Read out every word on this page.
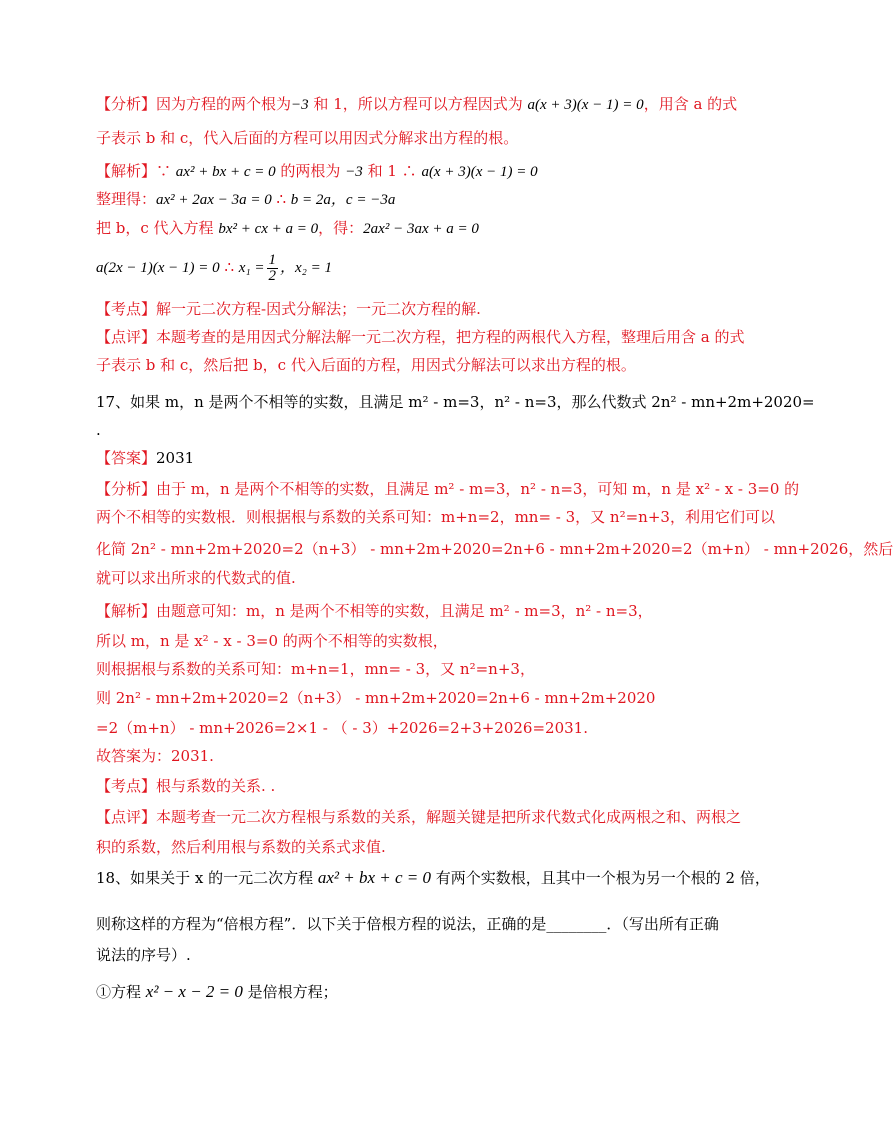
【分析】因为方程的两个根为−3 和 1，所以方程可以方程因式为 a(x + 3)(x − 1) = 0，用含 a 的式
子表示 b 和 c，代入后面的方程可以用因式分解求出方程的根。
【解析】∵ ax² + bx + c = 0 的两根为 −3 和 1 ∴ a(x + 3)(x − 1) = 0
整理得：ax² + 2ax − 3a = 0 ∴ b = 2a，c = −3a
把 b，c 代入方程 bx² + cx + a = 0，得：2ax² − 3ax + a = 0
a(2x − 1)(x − 1) = 0 ∴ $x_1 = \frac{1}{2}$ ，x₂ = 1
【考点】解一元二次方程-因式分解法；一元二次方程的解.
【点评】本题考查的是用因式分解法解一元二次方程，把方程的两根代入方程，整理后用含 a 的式
子表示 b 和 c，然后把 b，c 代入后面的方程，用因式分解法可以求出方程的根。
17、如果 m，n 是两个不相等的实数，且满足 m² - m=3，n² - n=3，那么代数式 2n² - mn+2m+2020=
.
【答案】2031
【分析】由于 m，n 是两个不相等的实数，且满足 m² - m=3，n² - n=3，可知 m，n 是 x² - x - 3=0 的
两个不相等的实数根．则根据根与系数的关系可知：m+n=2，mn= - 3，又 n²=n+3，利用它们可以
化简 2n² - mn+2m+2020=2（n+3） - mn+2m+2020=2n+6 - mn+2m+2020=2（m+n） - mn+2026，然后
就可以求出所求的代数式的值.
【解析】由题意可知：m，n 是两个不相等的实数，且满足 m² - m=3，n² - n=3，
所以 m，n 是 x² - x - 3=0 的两个不相等的实数根，
则根据根与系数的关系可知：m+n=1，mn= - 3，又 n²=n+3，
则 2n² - mn+2m+2020=2（n+3） - mn+2m+2020=2n+6 - mn+2m+2020
=2（m+n） - mn+2026=2×1 - （ - 3）+2026=2+3+2026=2031.
故答案为：2031.
【考点】根与系数的关系. .
【点评】本题考查一元二次方程根与系数的关系，解题关键是把所求代数式化成两根之和、两根之
积的系数，然后利用根与系数的关系式求值.
18、如果关于 x 的一元二次方程 ax² + bx + c = 0 有两个实数根，且其中一个根为另一个根的 2 倍，
则称这样的方程为“倍根方程”．以下关于倍根方程的说法，正确的是________．（写出所有正确
说法的序号）.
①方程 x² − x − 2 = 0 是倍根方程；
